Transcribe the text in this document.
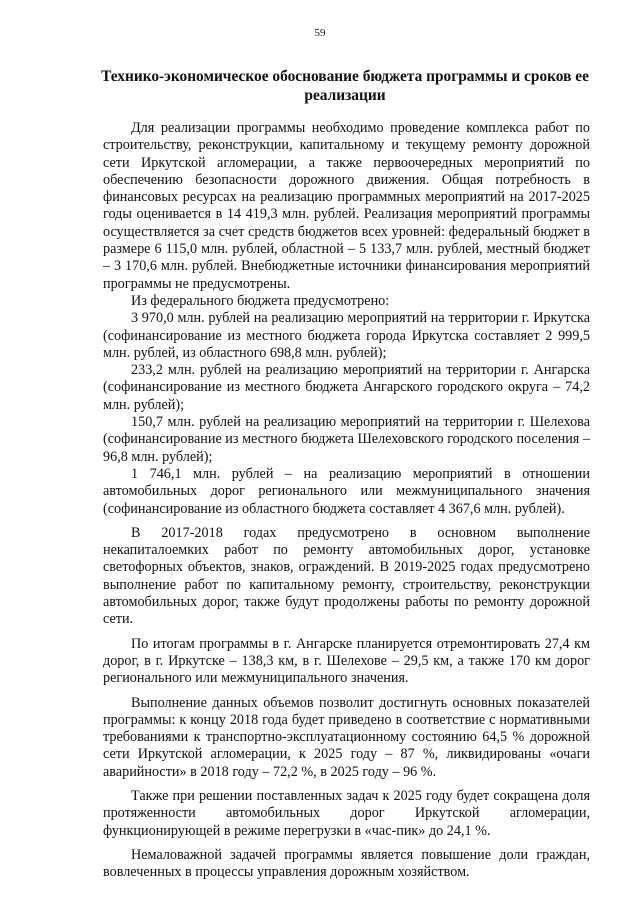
59
Технико-экономическое обоснование бюджета программы и сроков ее реализации

Для реализации программы необходимо проведение комплекса работ по строительству, реконструкции, капитальному и текущему ремонту дорожной сети Иркутской агломерации, а также первоочередных мероприятий по обеспечению безопасности дорожного движения. Общая потребность в финансовых ресурсах на реализацию программных мероприятий на 2017-2025 годы оценивается в 14 419,3 млн. рублей. Реализация мероприятий программы осуществляется за счет средств бюджетов всех уровней: федеральный бюджет в размере 6 115,0 млн. рублей, областной – 5 133,7 млн. рублей, местный бюджет – 3 170,6 млн. рублей. Внебюджетные источники финансирования мероприятий программы не предусмотрены.

Из федерального бюджета предусмотрено:

3 970,0 млн. рублей на реализацию мероприятий на территории г. Иркутска (софинансирование из местного бюджета города Иркутска составляет 2 999,5 млн. рублей, из областного 698,8 млн. рублей);

233,2 млн. рублей на реализацию мероприятий на территории г. Ангарска (софинансирование из местного бюджета Ангарского городского округа – 74,2 млн. рублей);

150,7 млн. рублей на реализацию мероприятий на территории г. Шелехова (софинансирование из местного бюджета Шелеховского городского поселения – 96,8 млн. рублей);

1 746,1 млн. рублей – на реализацию мероприятий в отношении автомобильных дорог регионального или межмуниципального значения (софинансирование из областного бюджета составляет 4 367,6 млн. рублей).

В 2017-2018 годах предусмотрено в основном выполнение некапиталоемких работ по ремонту автомобильных дорог, установке светофорных объектов, знаков, ограждений. В 2019-2025 годах предусмотрено выполнение работ по капитальному ремонту, строительству, реконструкции автомобильных дорог, также будут продолжены работы по ремонту дорожной сети.

По итогам программы в г. Ангарске планируется отремонтировать 27,4 км дорог, в г. Иркутске – 138,3 км, в г. Шелехове – 29,5 км, а также 170 км дорог регионального или межмуниципального значения.

Выполнение данных объемов позволит достигнуть основных показателей программы: к концу 2018 года будет приведено в соответствие с нормативными требованиями к транспортно-эксплуатационному состоянию 64,5 % дорожной сети Иркутской агломерации, к 2025 году – 87 %, ликвидированы «очаги аварийности» в 2018 году – 72,2 %, в 2025 году – 96 %.

Также при решении поставленных задач к 2025 году будет сокращена доля протяженности автомобильных дорог Иркутской агломерации, функционирующей в режиме перегрузки в «час-пик» до 24,1 %.

Немаловажной задачей программы является повышение доли граждан, вовлеченных в процессы управления дорожным хозяйством.
